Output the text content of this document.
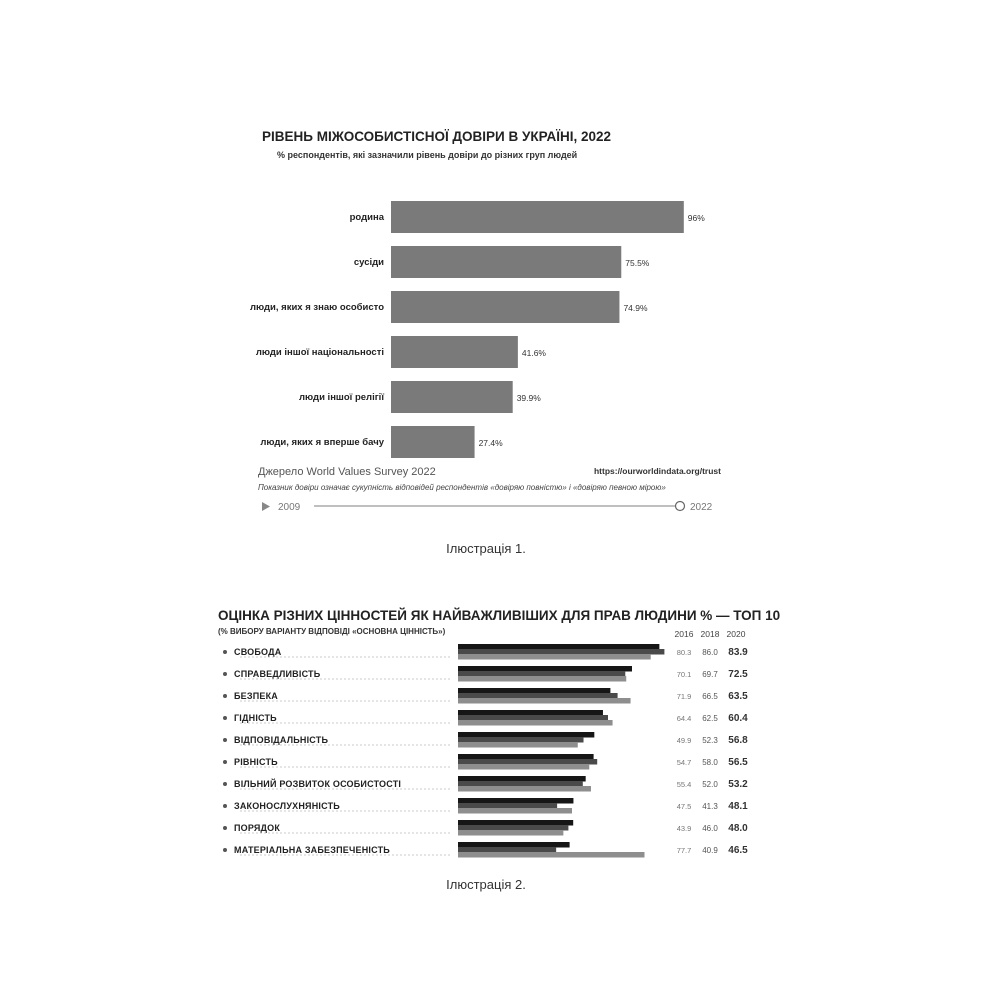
РІВЕНЬ МІЖОСОБИСТІСНОЇ ДОВІРИ В УКРАЇНІ, 2022
% респондентів, які зазначили рівень довіри до різних груп людей
родина	96%
сусіди	75.5%
люди, яких я знаю особисто	74.9%
люди іншої національності	41.6%
люди іншої релігії	39.9%
люди, яких я вперше бачу	27.4%
Джерело World Values Survey 2022	https://ourworldindata.org/trust
Показник довіри означає сукупність відповідей респондентів «довіряю повністю» і «довіряю певною мірою»
2009	2022
Ілюстрація 1.
ОЦІНКА РІЗНИХ ЦІННОСТЕЙ ЯК НАЙВАЖЛИВІШИХ ДЛЯ ПРАВ ЛЮДИНИ % — ТОП 10
(% ВИБОРУ ВАРІАНТУ ВІДПОВІДІ «ОСНОВНА ЦІННІСТЬ»)	2016 2018 2020
СВОБОДА	80.3 86.0 83.9
СПРАВЕДЛИВІСТЬ	70.1 69.7 72.5
БЕЗПЕКА	71.9 66.5 63.5
ГІДНІСТЬ	64.4 62.5 60.4
ВІДПОВІДАЛЬНІСТЬ	49.9 52.3 56.8
РІВНІСТЬ	54.7 58.0 56.5
ВІЛЬНИЙ РОЗВИТОК ОСОБИСТОСТІ	55.4 52.0 53.2
ЗАКОНОСЛУХНЯНІСТЬ	47.5 41.3 48.1
ПОРЯДОК	43.9 46.0 48.0
МАТЕРІАЛЬНА ЗАБЕЗПЕЧЕНІСТЬ	77.7 40.9 46.5
Ілюстрація 2.
